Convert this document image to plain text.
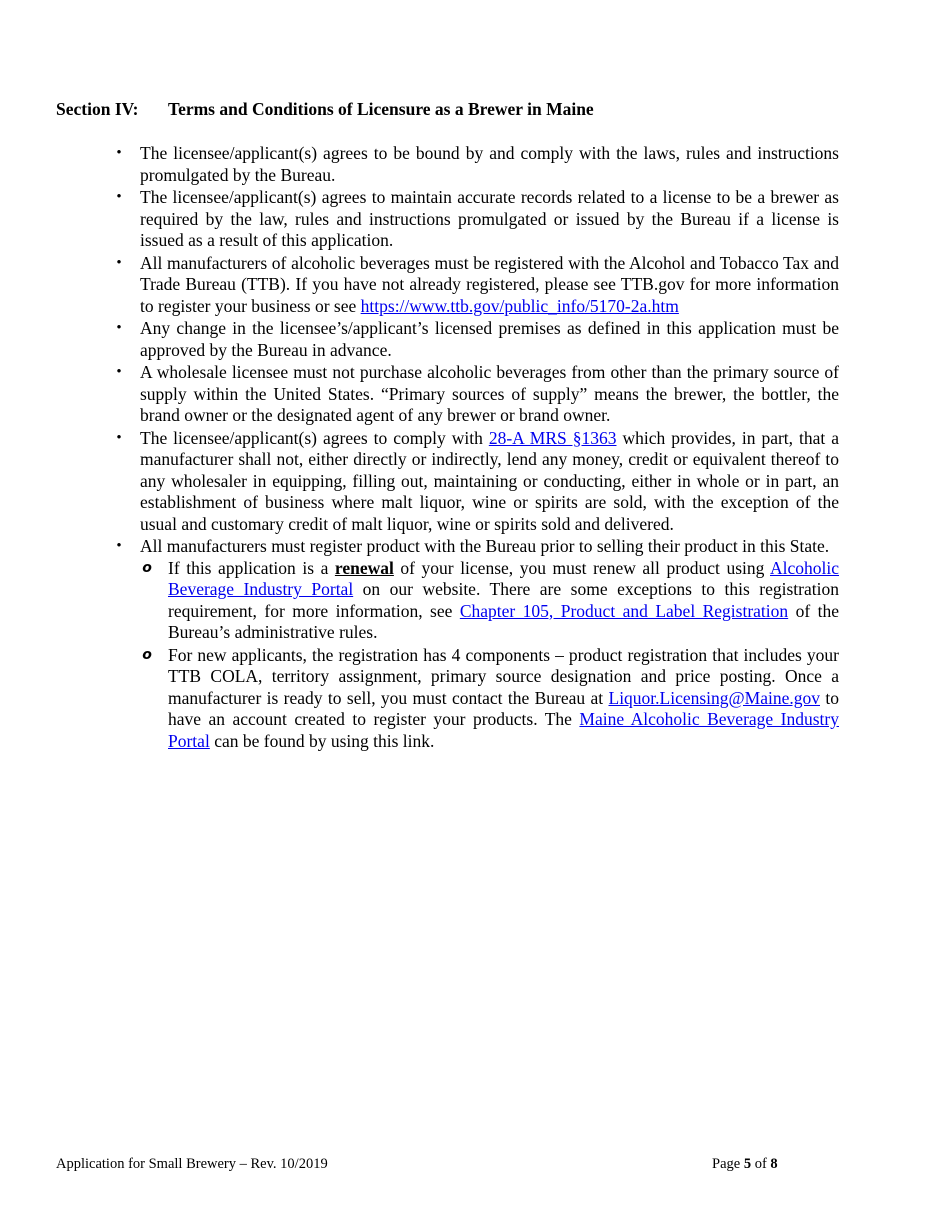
Section IV: Terms and Conditions of Licensure as a Brewer in Maine
• The licensee/applicant(s) agrees to be bound by and comply with the laws, rules and instructions promulgated by the Bureau.
• The licensee/applicant(s) agrees to maintain accurate records related to a license to be a brewer as required by the law, rules and instructions promulgated or issued by the Bureau if a license is issued as a result of this application.
• All manufacturers of alcoholic beverages must be registered with the Alcohol and Tobacco Tax and Trade Bureau (TTB). If you have not already registered, please see TTB.gov for more information to register your business or see https://www.ttb.gov/public_info/5170-2a.htm
• Any change in the licensee’s/applicant’s licensed premises as defined in this application must be approved by the Bureau in advance.
• A wholesale licensee must not purchase alcoholic beverages from other than the primary source of supply within the United States. “Primary sources of supply” means the brewer, the bottler, the brand owner or the designated agent of any brewer or brand owner.
• The licensee/applicant(s) agrees to comply with 28-A MRS §1363 which provides, in part, that a manufacturer shall not, either directly or indirectly, lend any money, credit or equivalent thereof to any wholesaler in equipping, filling out, maintaining or conducting, either in whole or in part, an establishment of business where malt liquor, wine or spirits are sold, with the exception of the usual and customary credit of malt liquor, wine or spirits sold and delivered.
• All manufacturers must register product with the Bureau prior to selling their product in this State.
o If this application is a renewal of your license, you must renew all product using Alcoholic Beverage Industry Portal on our website. There are some exceptions to this registration requirement, for more information, see Chapter 105, Product and Label Registration of the Bureau’s administrative rules.
o For new applicants, the registration has 4 components – product registration that includes your TTB COLA, territory assignment, primary source designation and price posting. Once a manufacturer is ready to sell, you must contact the Bureau at Liquor.Licensing@Maine.gov to have an account created to register your products. The Maine Alcoholic Beverage Industry Portal can be found by using this link.
Application for Small Brewery – Rev. 10/2019	Page 5 of 8
